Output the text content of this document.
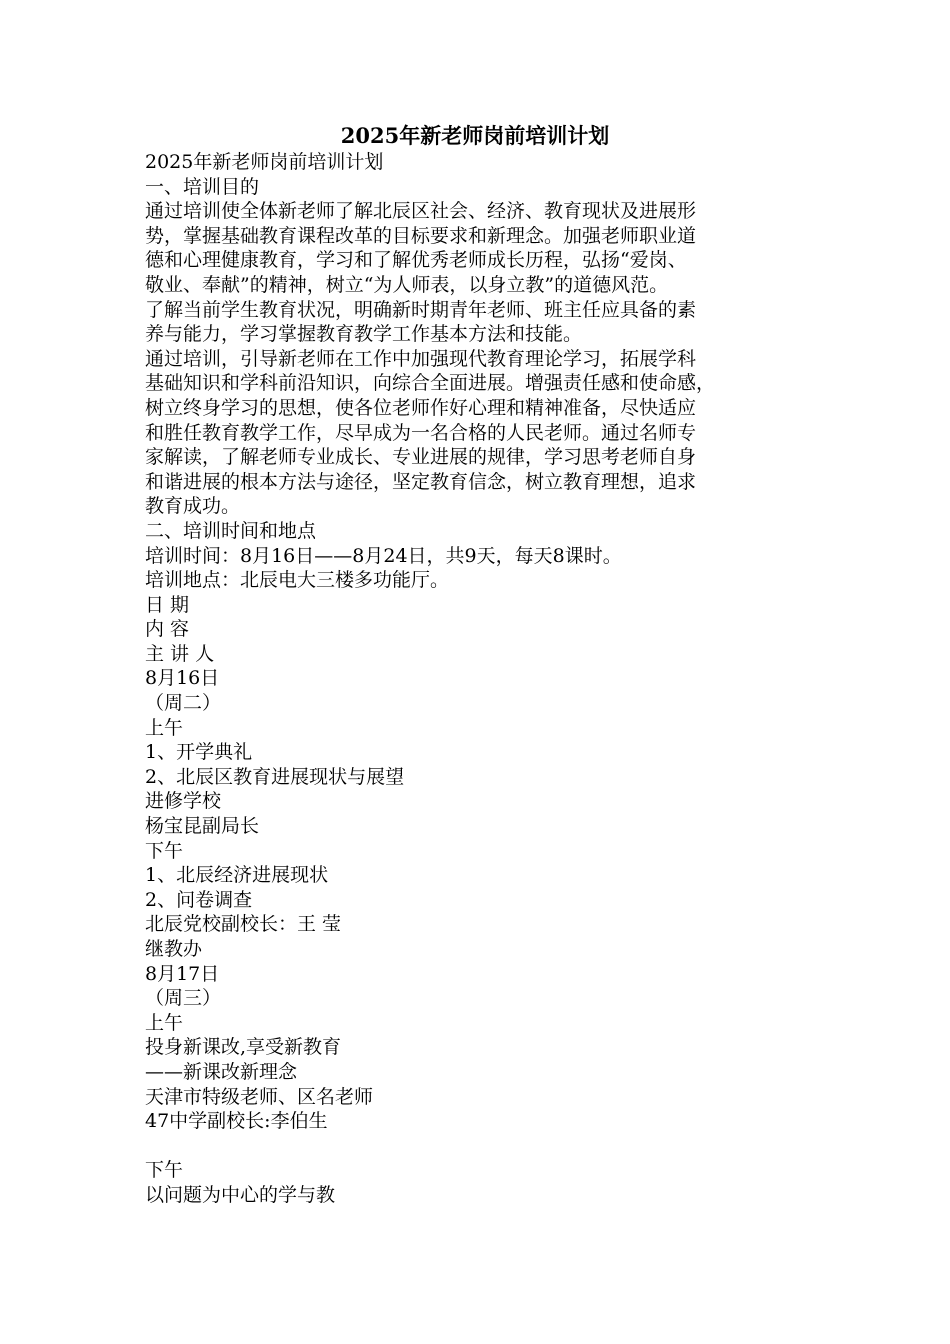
2025年新老师岗前培训计划
2025年新老师岗前培训计划
一、培训目的
通过培训使全体新老师了解北辰区社会、经济、教育现状及进展形
势，掌握基础教育课程改革的目标要求和新理念。加强老师职业道
德和心理健康教育，学习和了解优秀老师成长历程，弘扬“爱岗、
敬业、奉献”的精神，树立“为人师表，以身立教”的道德风范。
了解当前学生教育状况，明确新时期青年老师、班主任应具备的素
养与能力，学习掌握教育教学工作基本方法和技能。
通过培训，引导新老师在工作中加强现代教育理论学习，拓展学科
基础知识和学科前沿知识，向综合全面进展。增强责任感和使命感，
树立终身学习的思想，使各位老师作好心理和精神准备，尽快适应
和胜任教育教学工作，尽早成为一名合格的人民老师。通过名师专
家解读，了解老师专业成长、专业进展的规律，学习思考老师自身
和谐进展的根本方法与途径，坚定教育信念，树立教育理想，追求
教育成功。
二、培训时间和地点
培训时间：8月16日——8月24日，共9天，每天8课时。
培训地点：北辰电大三楼多功能厅。
日 期
内 容
主 讲 人
8月16日
（周二）
上午
1、开学典礼
2、北辰区教育进展现状与展望
进修学校
杨宝昆副局长
下午
1、北辰经济进展现状
2、问卷调查
北辰党校副校长：王 莹
继教办
8月17日
（周三）
上午
投身新课改,享受新教育
——新课改新理念
天津市特级老师、区名老师
47中学副校长:李伯生
下午
以问题为中心的学与教
